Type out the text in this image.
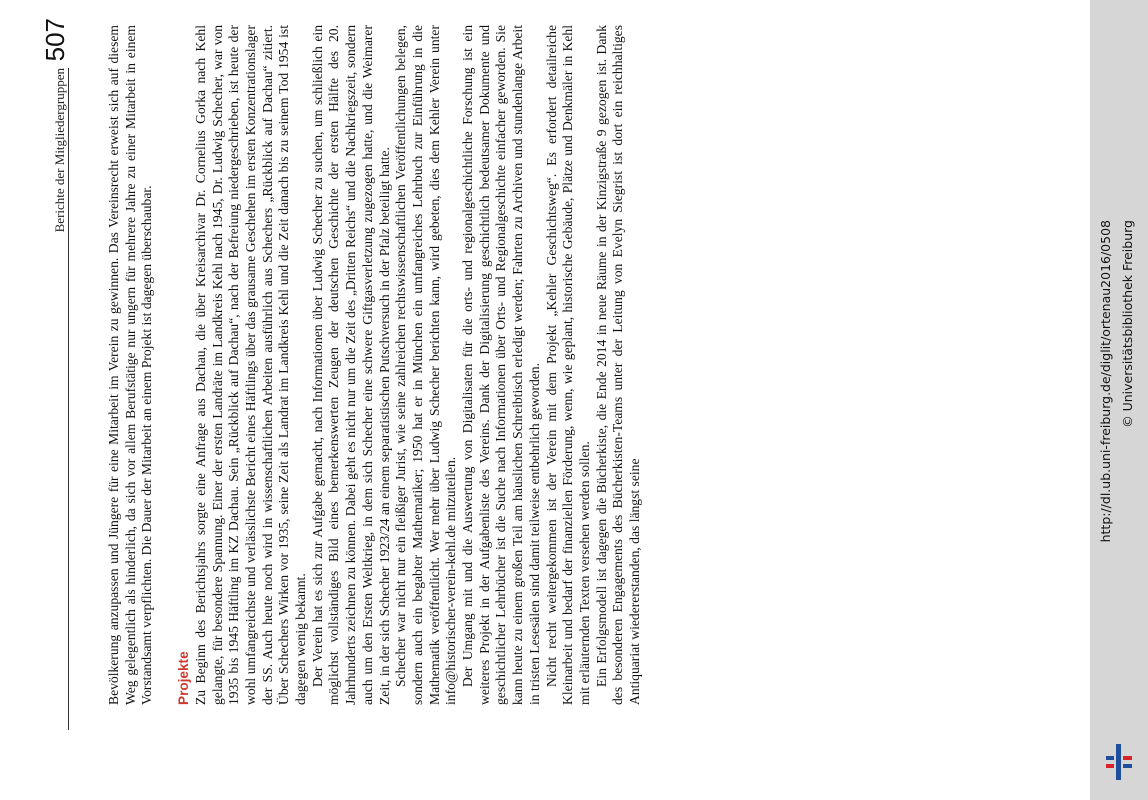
Berichte der Mitgliedergruppen
507	Bevölkerung anzupassen und Jüngere für eine Mitarbeit im Verein zu gewinnen. Das Vereinsrecht erweist sich auf diesem Weg gelegentlich als hinderlich, da sich vor allem Berufstätige nur ungern für mehrere Jahre zu einer Mitarbeit in einem Vorstandsamt verpflichten. Die Dauer der Mitarbeit an einem Projekt ist dagegen überschaubar. Projekte Zu Beginn des Berichtsjahrs sorgte eine Anfrage aus Dachau, die über Kreisarchivar Dr. Cornelius Gorka nach Kehl gelangte, für besondere Spannung. Einer der ersten Landräte im Landkreis Kehl nach 1945, Dr. Ludwig Schecher, war von 1935 bis 1945 Häftling im KZ Dachau. Sein „Rückblick auf Dachau“, nach der Befreiung niedergeschrieben, ist heute der wohl umfangreichste und verlässlichste Bericht eines Häftlings über das grausame Geschehen im ersten Konzentrationslager der SS. Auch heute noch wird in wissenschaftlichen Arbeiten ausführlich aus Schechers „Rückblick auf Dachau“ zitiert. Über Schechers Wirken vor 1935, seine Zeit als Landrat im Landkreis Kehl und die Zeit danach bis zu seinem Tod 1954 ist dagegen wenig bekannt. Der Verein hat es sich zur Aufgabe gemacht, nach Informationen über Ludwig Schecher zu suchen, um schließlich ein möglichst vollständiges Bild eines bemerkenswerten Zeugen der deutschen Geschichte der ersten Hälfte des 20. Jahrhunderts zeichnen zu können. Dabei geht es nicht nur um die Zeit des „Dritten Reichs“ und die Nachkriegszeit, sondern auch um den Ersten Weltkrieg, in dem sich Schecher eine schwere Giftgasverletzung zugezogen hatte, und die Weimarer Zeit, in der sich Schecher 1923/24 an einem separatistischen Putschversuch in der Pfalz beteiligt hatte. Schecher war nicht nur ein fleißiger Jurist, wie seine zahlreichen rechtswissenschaftlichen Veröffentlichungen belegen, sondern auch ein begabter Mathematiker; 1950 hat er in München ein umfangreiches Lehrbuch zur Einführung in die Mathematik veröffentlicht. Wer mehr über Ludwig Schecher berichten kann, wird gebeten, dies dem Kehler Verein unter info@historischer-verein-kehl.de mitzuteilen. Der Umgang mit und die Auswertung von Digitalisaten für die orts- und regionalgeschichtliche Forschung ist ein weiteres Projekt in der Aufgabenliste des Vereins. Dank der Digitalisierung geschichtlich bedeutsamer Dokumente und geschichtlicher Lehrbücher ist die Suche nach Informationen über Orts- und Regionalgeschichte einfacher geworden. Sie kann heute zu einem großen Teil am häuslichen Schreibtisch erledigt werden; Fahrten zu Archiven und stundenlange Arbeit in tristen Lesesälen sind damit teilweise entbehrlich geworden. Nicht recht weitergekommen ist der Verein mit dem Projekt „Kehler Geschichtsweg“. Es erfordert detailreiche Kleinarbeit und bedarf der finanziellen Förderung, wenn, wie geplant, historische Gebäude, Plätze und Denkmäler in Kehl mit erläuternden Texten versehen werden sollen. Ein Erfolgsmodell ist dagegen die Bücherkiste, die Ende 2014 in neue Räume in der Kinzigstraße 9 gezogen ist. Dank des besonderen Engagements des Bücherkisten-Teams unter der Leitung von Evelyn Siegrist ist dort ein reichhaltiges Antiquariat wiedererstanden, das längst seine

http://dl.ub.uni-freiburg.de/diglit/ortenau2016/0508 © Universitätsbibliothek Freiburg
